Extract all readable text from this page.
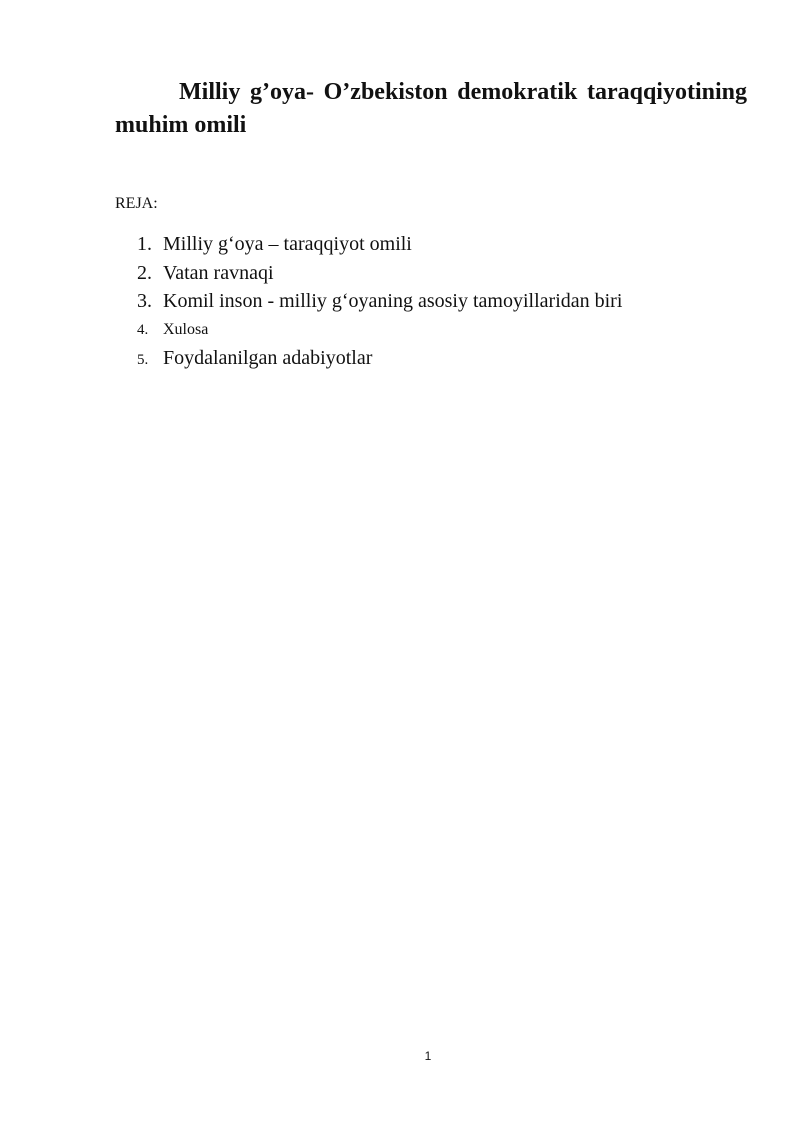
Milliy g’oya- O’zbekiston demokratik taraqqiyotining muhim omili

REJA:

1. Milliy g‘oya – taraqqiyot omili
2. Vatan ravnaqi
3. Komil inson - milliy g‘oyaning asosiy tamoyillaridan biri
4. Xulosa
5. Foydalanilgan adabiyotlar
1
